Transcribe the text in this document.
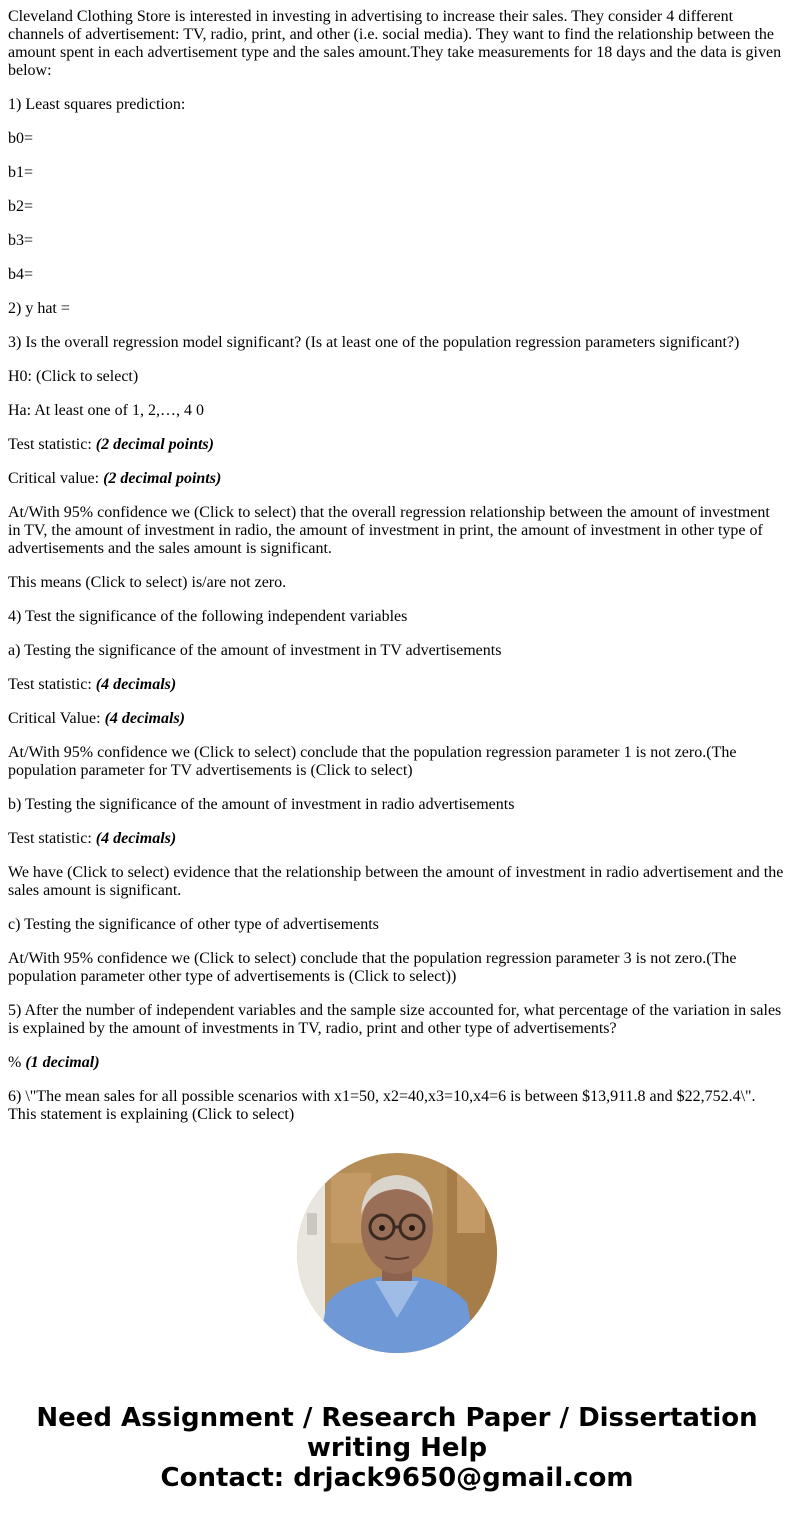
Cleveland Clothing Store is interested in investing in advertising to increase their sales. They consider 4 different channels of advertisement: TV, radio, print, and other (i.e. social media). They want to find the relationship between the amount spent in each advertisement type and the sales amount.They take measurements for 18 days and the data is given below:

1) Least squares prediction:

b0=

b1=

b2=

b3=

b4=

2) y hat =

3) Is the overall regression model significant? (Is at least one of the population regression parameters significant?)

H0: (Click to select)

Ha: At least one of 1, 2,…, 4 0

Test statistic: (2 decimal points)

Critical value: (2 decimal points)

At/With 95% confidence we (Click to select) that the overall regression relationship between the amount of investment in TV, the amount of investment in radio, the amount of investment in print, the amount of investment in other type of advertisements and the sales amount is significant.

This means (Click to select) is/are not zero.

4) Test the significance of the following independent variables

a) Testing the significance of the amount of investment in TV advertisements

Test statistic: (4 decimals)

Critical Value: (4 decimals)

At/With 95% confidence we (Click to select) conclude that the population regression parameter 1 is not zero.(The population parameter for TV advertisements is (Click to select)

b) Testing the significance of the amount of investment in radio advertisements

Test statistic: (4 decimals)

We have (Click to select) evidence that the relationship between the amount of investment in radio advertisement and the sales amount is significant.

c) Testing the significance of other type of advertisements

At/With 95% confidence we (Click to select) conclude that the population regression parameter 3 is not zero.(The population parameter other type of advertisements is (Click to select))

5) After the number of independent variables and the sample size accounted for, what percentage of the variation in sales is explained by the amount of investments in TV, radio, print and other type of advertisements?

% (1 decimal)

6) \"The mean sales for all possible scenarios with x1=50, x2=40,x3=10,x4=6 is between $13,911.8 and $22,752.4\". This statement is explaining (Click to select)

Need Assignment / Research Paper / Dissertation
writing Help
Contact: drjack9650@gmail.com
